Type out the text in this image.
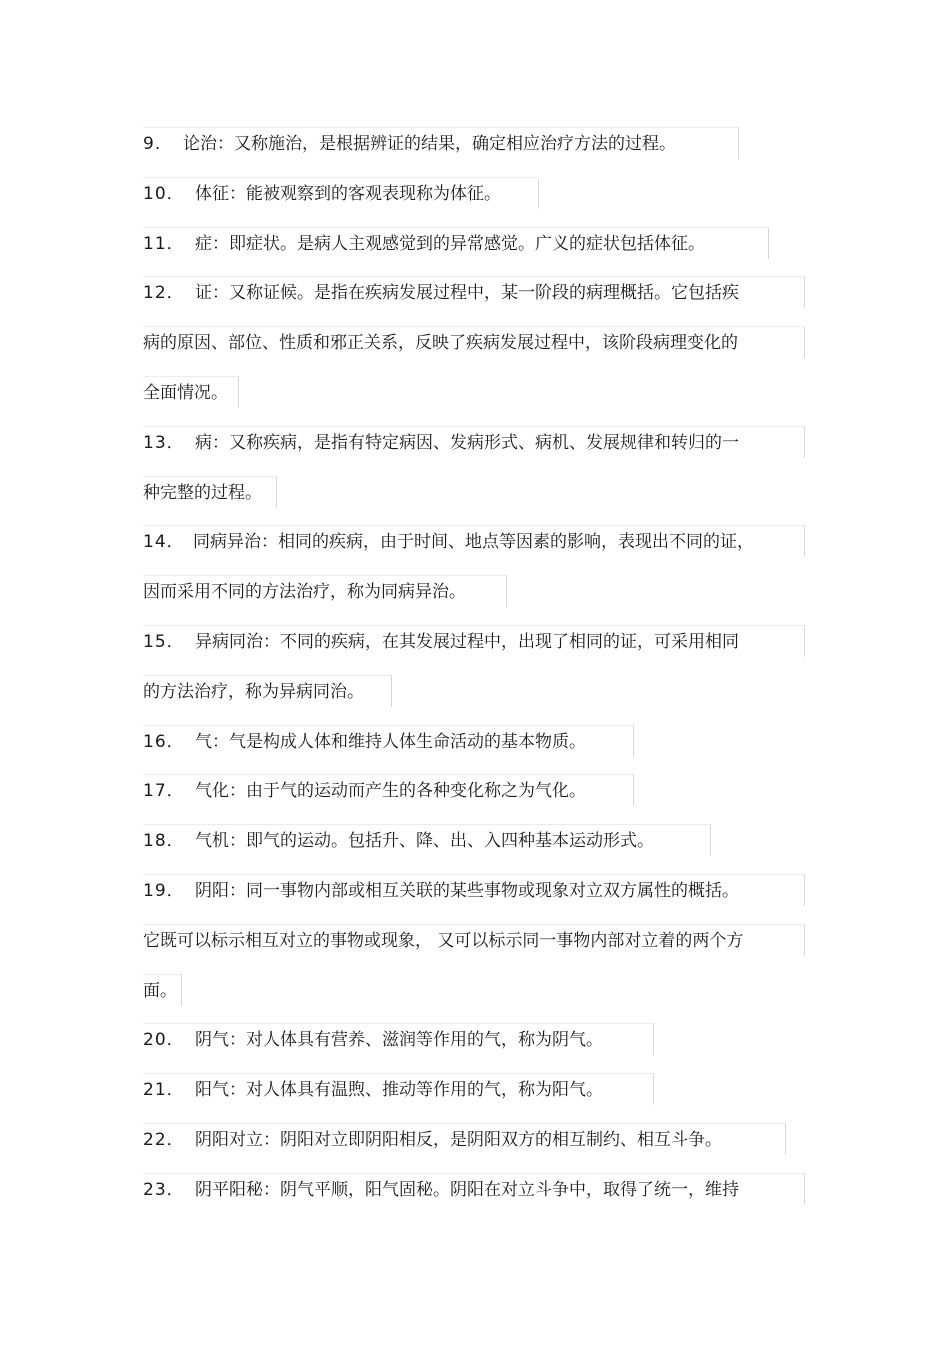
9. 论治：又称施治，是根据辨证的结果，确定相应治疗方法的过程。
10． 体征：能被观察到的客观表现称为体征。
11． 症：即症状。是病人主观感觉到的异常感觉。广义的症状包括体征。
12． 证：又称证候。是指在疾病发展过程中，某一阶段的病理概括。它包括疾
病的原因、部位、性质和邪正关系，反映了疾病发展过程中，该阶段病理变化的
全面情况。
13． 病：又称疾病，是指有特定病因、发病形式、病机、发展规律和转归的一
种完整的过程。
14． 同病异治：相同的疾病，由于时间、地点等因素的影响，表现出不同的证，
因而采用不同的方法治疗，称为同病异治。
15． 异病同治：不同的疾病，在其发展过程中，出现了相同的证，可采用相同
的方法治疗，称为异病同治。
16． 气：气是构成人体和维持人体生命活动的基本物质。
17． 气化：由于气的运动而产生的各种变化称之为气化。
18． 气机：即气的运动。包括升、降、出、入四种基本运动形式。
19． 阴阳：同一事物内部或相互关联的某些事物或现象对立双方属性的概括。
它既可以标示相互对立的事物或现象， 又可以标示同一事物内部对立着的两个方
面。
20． 阴气：对人体具有营养、滋润等作用的气，称为阴气。
21． 阳气：对人体具有温煦、推动等作用的气，称为阳气。
22． 阴阳对立：阴阳对立即阴阳相反，是阴阳双方的相互制约、相互斗争。
23． 阴平阳秘：阴气平顺，阳气固秘。阴阳在对立斗争中，取得了统一，维持
